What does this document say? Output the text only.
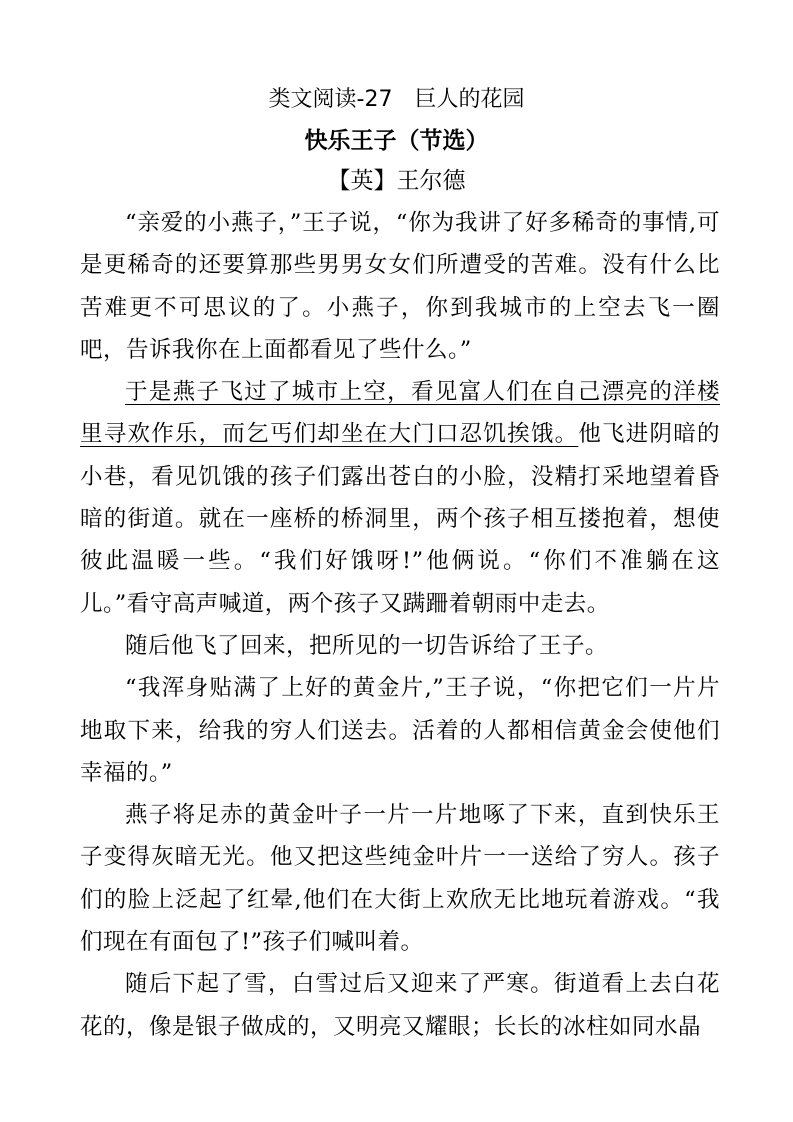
类文阅读-27 巨人的花园
快乐王子（节选）
【英】王尔德

“亲爱的小燕子，”王子说，“你为我讲了好多稀奇的事情,可是更稀奇的还要算那些男男女女们所遭受的苦难。没有什么比苦难更不可思议的了。小燕子，你到我城市的上空去飞一圈吧，告诉我你在上面都看见了些什么。”

于是燕子飞过了城市上空，看见富人们在自己漂亮的洋楼里寻欢作乐，而乞丐们却坐在大门口忍饥挨饿。他飞进阴暗的小巷，看见饥饿的孩子们露出苍白的小脸，没精打采地望着昏暗的街道。就在一座桥的桥洞里，两个孩子相互搂抱着，想使彼此温暖一些。“我们好饿呀!”他俩说。“你们不准躺在这儿。”看守高声喊道，两个孩子又蹒跚着朝雨中走去。

随后他飞了回来，把所见的一切告诉给了王子。

“我浑身贴满了上好的黄金片,”王子说，“你把它们一片片地取下来，给我的穷人们送去。活着的人都相信黄金会使他们幸福的。”

燕子将足赤的黄金叶子一片一片地啄了下来，直到快乐王子变得灰暗无光。他又把这些纯金叶片一一送给了穷人。孩子们的脸上泛起了红晕,他们在大街上欢欣无比地玩着游戏。“我们现在有面包了!”孩子们喊叫着。

随后下起了雪，白雪过后又迎来了严寒。街道看上去白花花的，像是银子做成的，又明亮又耀眼；长长的冰柱如同水晶
